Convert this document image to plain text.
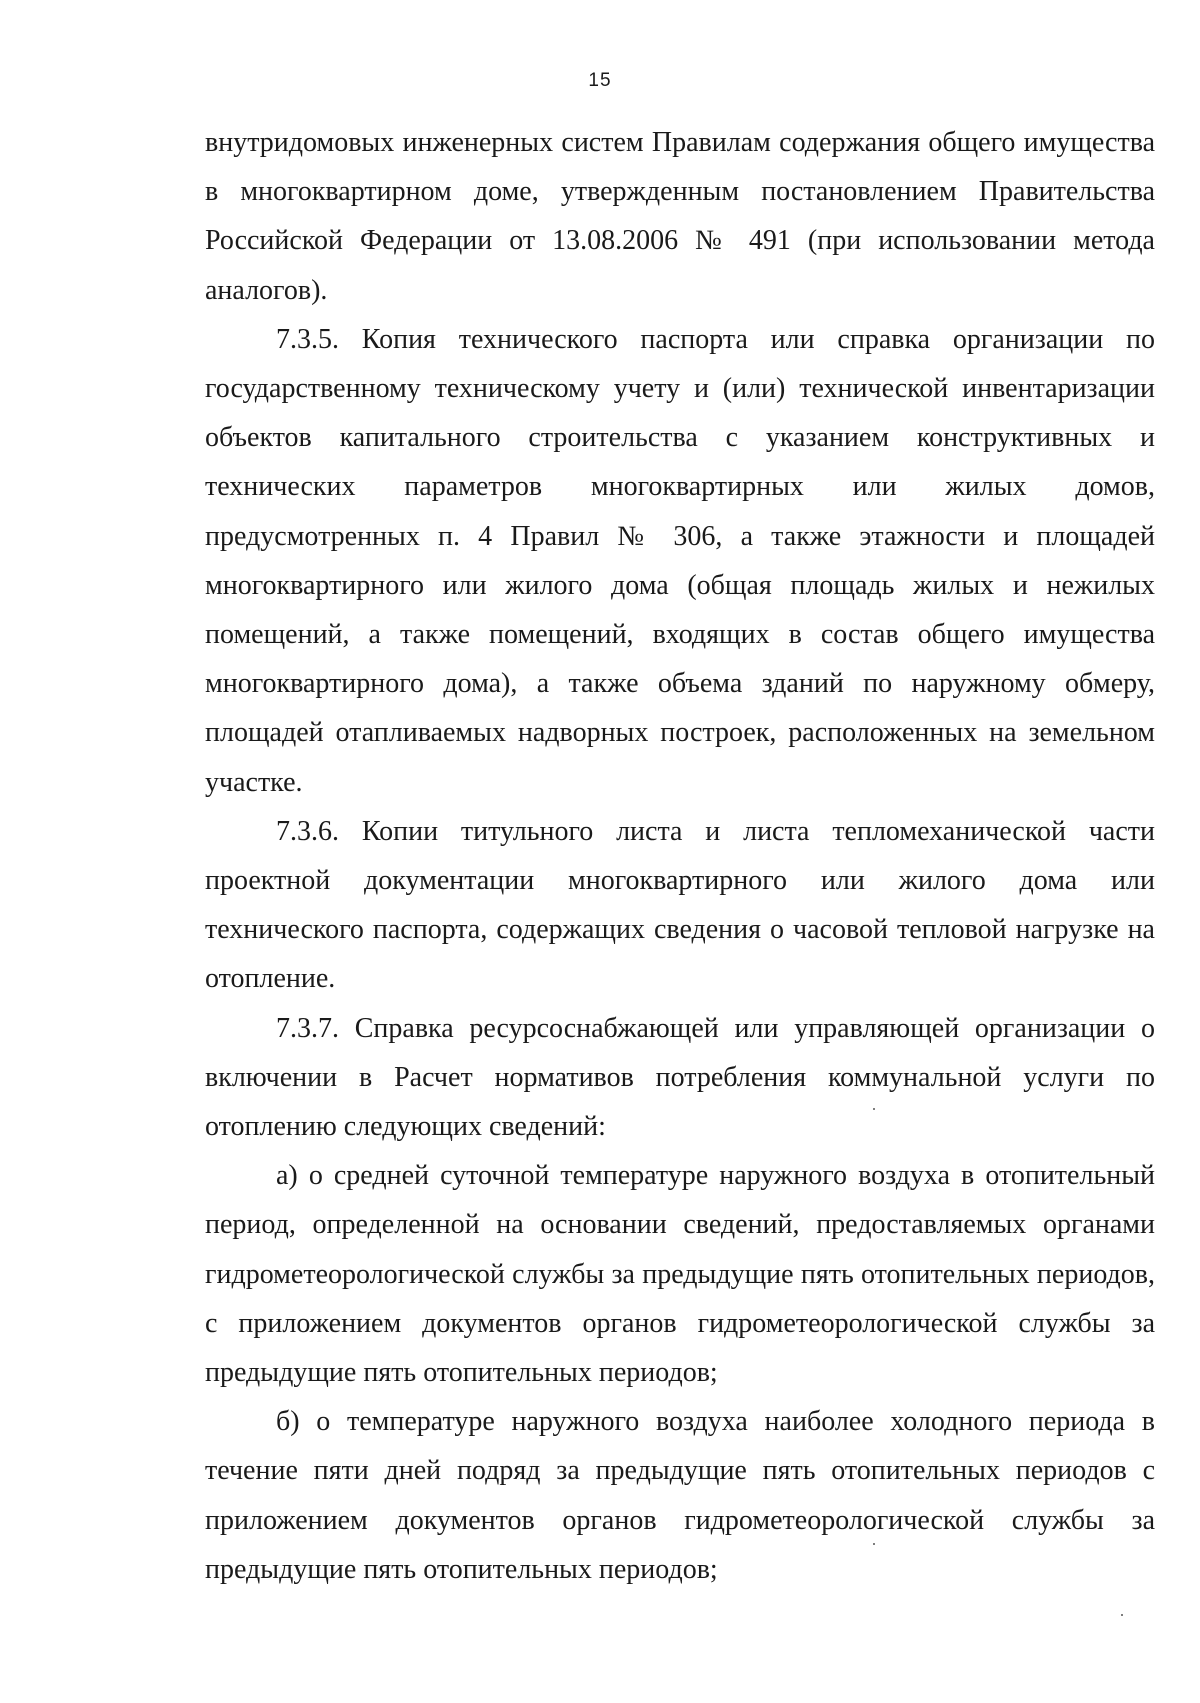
15

внутридомовых инженерных систем Правилам содержания общего имущества в многоквартирном доме, утвержденным постановлением Правительства Российской Федерации от 13.08.2006 № 491 (при использовании метода аналогов).

7.3.5. Копия технического паспорта или справка организации по государственному техническому учету и (или) технической инвентаризации объектов капитального строительства с указанием конструктивных и технических параметров многоквартирных или жилых домов, предусмотренных п. 4 Правил № 306, а также этажности и площадей многоквартирного или жилого дома (общая площадь жилых и нежилых помещений, а также помещений, входящих в состав общего имущества многоквартирного дома), а также объема зданий по наружному обмеру, площадей отапливаемых надворных построек, расположенных на земельном участке.

7.3.6. Копии титульного листа и листа тепломеханической части проектной документации многоквартирного или жилого дома или технического паспорта, содержащих сведения о часовой тепловой нагрузке на отопление.

7.3.7. Справка ресурсоснабжающей или управляющей организации о включении в Расчет нормативов потребления коммунальной услуги по отоплению следующих сведений:

а) о средней суточной температуре наружного воздуха в отопительный период, определенной на основании сведений, предоставляемых органами гидрометеорологической службы за предыдущие пять отопительных периодов, с приложением документов органов гидрометеорологической службы за предыдущие пять отопительных периодов;

б) о температуре наружного воздуха наиболее холодного периода в течение пяти дней подряд за предыдущие пять отопительных периодов с приложением документов органов гидрометеорологической службы за предыдущие пять отопительных периодов;
